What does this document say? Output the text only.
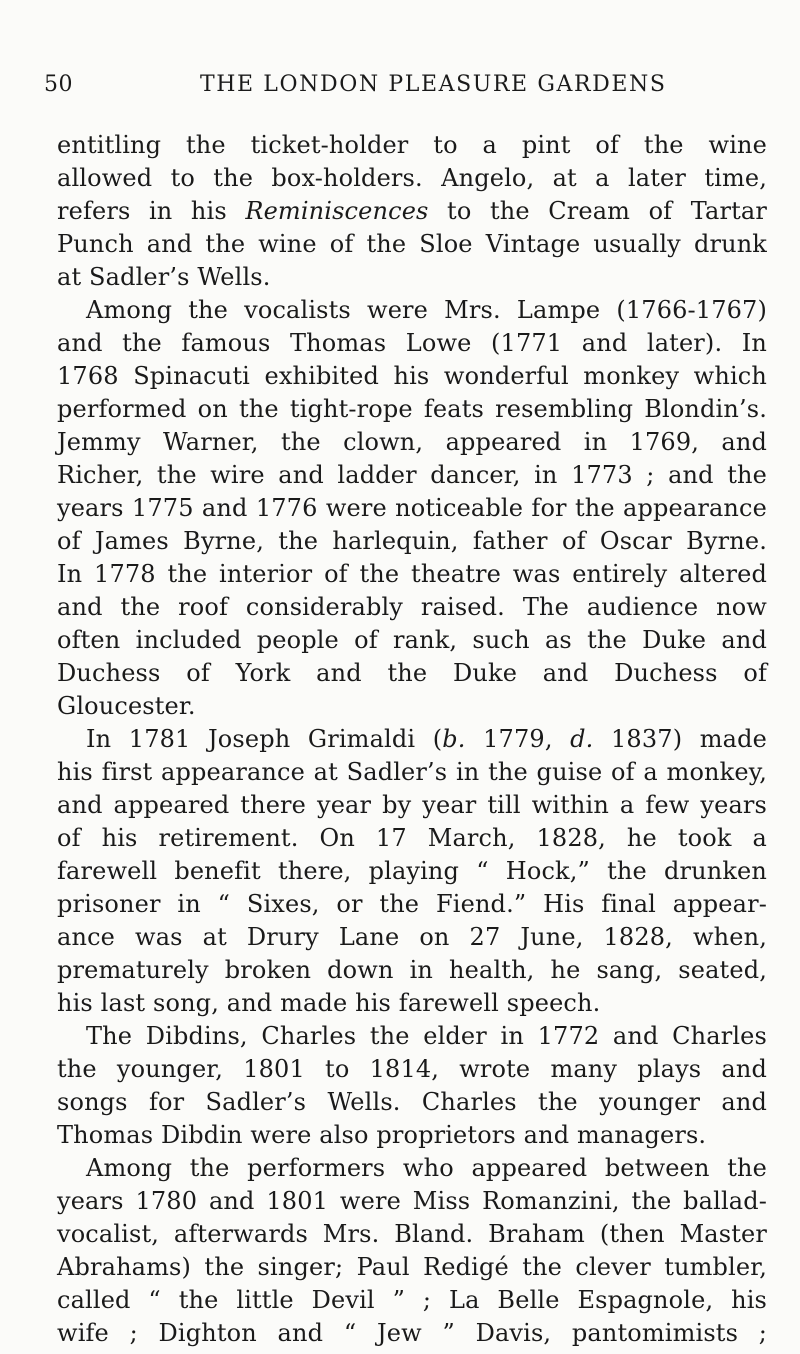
50	THE LONDON PLEASURE GARDENS
entitling the ticket-holder to a pint of the wine
allowed to the box-holders. Angelo, at a later time,
refers in his Reminiscences to the Cream of Tartar
Punch and the wine of the Sloe Vintage usually drunk
at Sadler’s Wells.
Among the vocalists were Mrs. Lampe (1766-1767)
and the famous Thomas Lowe (1771 and later). In
1768 Spinacuti exhibited his wonderful monkey which
performed on the tight-rope feats resembling Blondin’s.
Jemmy Warner, the clown, appeared in 1769, and
Richer, the wire and ladder dancer, in 1773 ; and the
years 1775 and 1776 were noticeable for the appearance
of James Byrne, the harlequin, father of Oscar Byrne.
In 1778 the interior of the theatre was entirely altered
and the roof considerably raised. The audience now
often included people of rank, such as the Duke and
Duchess of York and the Duke and Duchess of
Gloucester.
In 1781 Joseph Grimaldi (b. 1779, d. 1837) made
his first appearance at Sadler’s in the guise of a monkey,
and appeared there year by year till within a few years
of his retirement. On 17 March, 1828, he took a
farewell benefit there, playing “ Hock,” the drunken
prisoner in “ Sixes, or the Fiend.” His final appear-
ance was at Drury Lane on 27 June, 1828, when,
prematurely broken down in health, he sang, seated,
his last song, and made his farewell speech.
The Dibdins, Charles the elder in 1772 and Charles
the younger, 1801 to 1814, wrote many plays and
songs for Sadler’s Wells. Charles the younger and
Thomas Dibdin were also proprietors and managers.
Among the performers who appeared between the
years 1780 and 1801 were Miss Romanzini, the ballad-
vocalist, afterwards Mrs. Bland. Braham (then Master
Abrahams) the singer; Paul Redigé the clever tumbler,
called “ the little Devil ” ; La Belle Espagnole, his
wife ; Dighton and “ Jew ” Davis, pantomimists ;
